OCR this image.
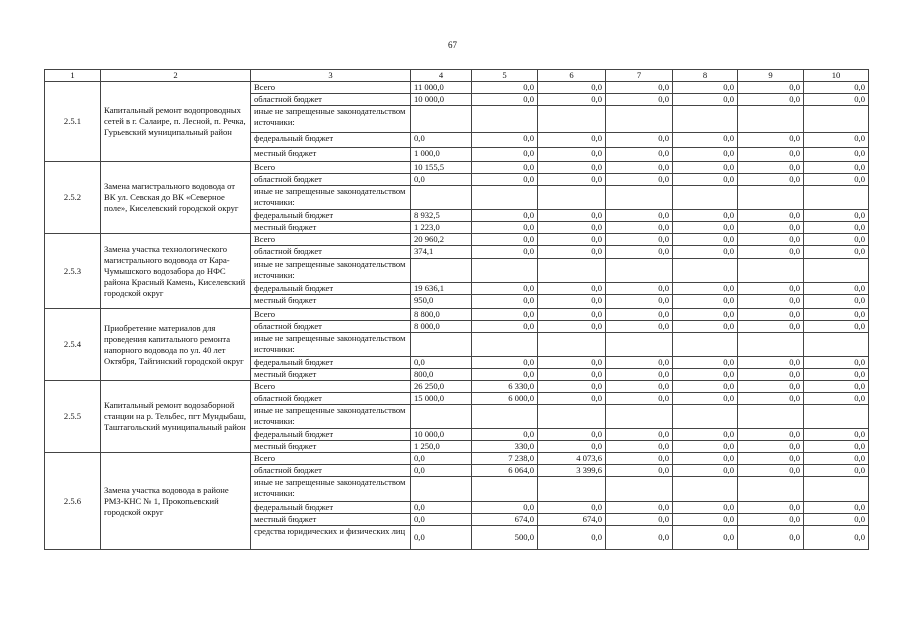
67
1	2	3	4	5	6	7	8	9	10
2.5.1	Капитальный ремонт водопроводных сетей в г. Салаире, п. Лесной, п. Речка, Гурьевский муниципальный район	Всего	11 000,0	0,0	0,0	0,0	0,0	0,0	0,0
		областной бюджет	10 000,0	0,0	0,0	0,0	0,0	0,0	0,0
		иные не запрещенные законодательством источники:							
		федеральный бюджет	0,0	0,0	0,0	0,0	0,0	0,0	0,0
		местный бюджет	1 000,0	0,0	0,0	0,0	0,0	0,0	0,0
2.5.2	Замена магистрального водовода от ВК ул. Севская до ВК «Северное поле», Киселевский городской округ	Всего	10 155,5	0,0	0,0	0,0	0,0	0,0	0,0
		областной бюджет	0,0	0,0	0,0	0,0	0,0	0,0	0,0
		иные не запрещенные законодательством источники:							
		федеральный бюджет	8 932,5	0,0	0,0	0,0	0,0	0,0	0,0
		местный бюджет	1 223,0	0,0	0,0	0,0	0,0	0,0	0,0
2.5.3	Замена участка технологического магистрального водовода от Кара-Чумышского водозабора до НФС района Красный Камень, Киселевский городской округ	Всего	20 960,2	0,0	0,0	0,0	0,0	0,0	0,0
		областной бюджет	374,1	0,0	0,0	0,0	0,0	0,0	0,0
		иные не запрещенные законодательством источники:							
		федеральный бюджет	19 636,1	0,0	0,0	0,0	0,0	0,0	0,0
		местный бюджет	950,0	0,0	0,0	0,0	0,0	0,0	0,0
2.5.4	Приобретение материалов для проведения капитального ремонта напорного водовода по ул. 40 лет Октября, Тайгинский городской округ	Всего	8 800,0	0,0	0,0	0,0	0,0	0,0	0,0
		областной бюджет	8 000,0	0,0	0,0	0,0	0,0	0,0	0,0
		иные не запрещенные законодательством источники:							
		федеральный бюджет	0,0	0,0	0,0	0,0	0,0	0,0	0,0
		местный бюджет	800,0	0,0	0,0	0,0	0,0	0,0	0,0
2.5.5	Капитальный ремонт водозаборной станции на р. Тельбес, пгт Мундыбаш, Таштагольский муниципальный район	Всего	26 250,0	6 330,0	0,0	0,0	0,0	0,0	0,0
		областной бюджет	15 000,0	6 000,0	0,0	0,0	0,0	0,0	0,0
		иные не запрещенные законодательством источники:							
		федеральный бюджет	10 000,0	0,0	0,0	0,0	0,0	0,0	0,0
		местный бюджет	1 250,0	330,0	0,0	0,0	0,0	0,0	0,0
2.5.6	Замена участка водовода в районе РМЗ-КНС № 1, Прокопьевский городской округ	Всего	0,0	7 238,0	4 073,6	0,0	0,0	0,0	0,0
		областной бюджет	0,0	6 064,0	3 399,6	0,0	0,0	0,0	0,0
		иные не запрещенные законодательством источники:							
		федеральный бюджет	0,0	0,0	0,0	0,0	0,0	0,0	0,0
		местный бюджет	0,0	674,0	674,0	0,0	0,0	0,0	0,0
		средства юридических и физических лиц	0,0	500,0	0,0	0,0	0,0	0,0	0,0
